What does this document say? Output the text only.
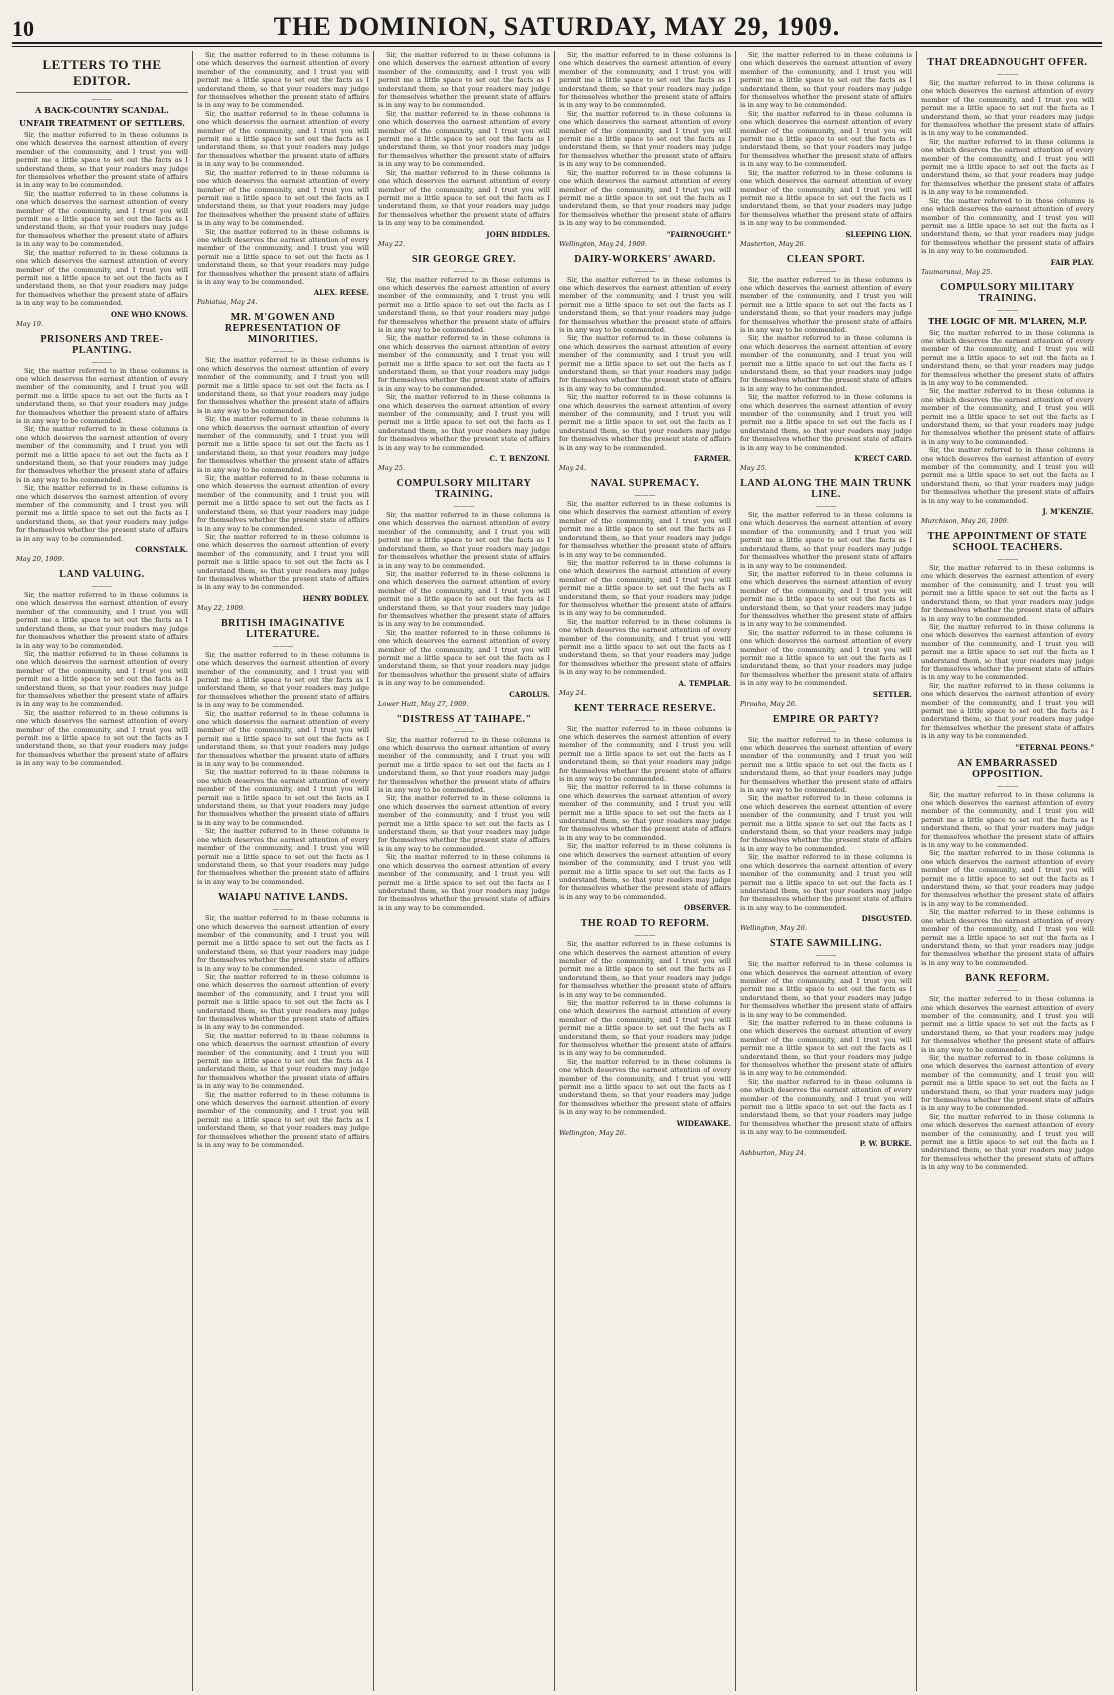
10	THE DOMINION, SATURDAY, MAY 29, 1909.
LETTERS TO THE EDITOR.
———
A BACK-COUNTRY SCANDAL.
UNFAIR TREATMENT OF SETTLERS.

Sir, the matter referred to in these columns is one which deserves the earnest attention of every member of the community, and I trust you will permit me a little space to set out the facts as I understand them, so that your readers may judge for themselves whether the present state of affairs is in any way to be commended.

Sir, the matter referred to in these columns is one which deserves the earnest attention of every member of the community, and I trust you will permit me a little space to set out the facts as I understand them, so that your readers may judge for themselves whether the present state of affairs is in any way to be commended.

Sir, the matter referred to in these columns is one which deserves the earnest attention of every member of the community, and I trust you will permit me a little space to set out the facts as I understand them, so that your readers may judge for themselves whether the present state of affairs is in any way to be commended.

ONE WHO KNOWS.
May 19.
PRISONERS AND TREE-PLANTING.
———

Sir, the matter referred to in these columns is one which deserves the earnest attention of every member of the community, and I trust you will permit me a little space to set out the facts as I understand them, so that your readers may judge for themselves whether the present state of affairs is in any way to be commended.

Sir, the matter referred to in these columns is one which deserves the earnest attention of every member of the community, and I trust you will permit me a little space to set out the facts as I understand them, so that your readers may judge for themselves whether the present state of affairs is in any way to be commended.

Sir, the matter referred to in these columns is one which deserves the earnest attention of every member of the community, and I trust you will permit me a little space to set out the facts as I understand them, so that your readers may judge for themselves whether the present state of affairs is in any way to be commended.

CORNSTALK.
May 20, 1909.
LAND VALUING.
———

Sir, the matter referred to in these columns is one which deserves the earnest attention of every member of the community, and I trust you will permit me a little space to set out the facts as I understand them, so that your readers may judge for themselves whether the present state of affairs is in any way to be commended.

Sir, the matter referred to in these columns is one which deserves the earnest attention of every member of the community, and I trust you will permit me a little space to set out the facts as I understand them, so that your readers may judge for themselves whether the present state of affairs is in any way to be commended.

Sir, the matter referred to in these columns is one which deserves the earnest attention of every member of the community, and I trust you will permit me a little space to set out the facts as I understand them, so that your readers may judge for themselves whether the present state of affairs is in any way to be commended.

Sir, the matter referred to in these columns is one which deserves the earnest attention of every member of the community, and I trust you will permit me a little space to set out the facts as I understand them, so that your readers may judge for themselves whether the present state of affairs is in any way to be commended.

Sir, the matter referred to in these columns is one which deserves the earnest attention of every member of the community, and I trust you will permit me a little space to set out the facts as I understand them, so that your readers may judge for themselves whether the present state of affairs is in any way to be commended.

Sir, the matter referred to in these columns is one which deserves the earnest attention of every member of the community, and I trust you will permit me a little space to set out the facts as I understand them, so that your readers may judge for themselves whether the present state of affairs is in any way to be commended.

Sir, the matter referred to in these columns is one which deserves the earnest attention of every member of the community, and I trust you will permit me a little space to set out the facts as I understand them, so that your readers may judge for themselves whether the present state of affairs is in any way to be commended.

ALEX. REESE.
Pahiatua, May 24.
MR. M'GOWEN AND REPRESENTATION OF MINORITIES.
———

Sir, the matter referred to in these columns is one which deserves the earnest attention of every member of the community, and I trust you will permit me a little space to set out the facts as I understand them, so that your readers may judge for themselves whether the present state of affairs is in any way to be commended.

Sir, the matter referred to in these columns is one which deserves the earnest attention of every member of the community, and I trust you will permit me a little space to set out the facts as I understand them, so that your readers may judge for themselves whether the present state of affairs is in any way to be commended.

Sir, the matter referred to in these columns is one which deserves the earnest attention of every member of the community, and I trust you will permit me a little space to set out the facts as I understand them, so that your readers may judge for themselves whether the present state of affairs is in any way to be commended.

Sir, the matter referred to in these columns is one which deserves the earnest attention of every member of the community, and I trust you will permit me a little space to set out the facts as I understand them, so that your readers may judge for themselves whether the present state of affairs is in any way to be commended.

HENRY BODLEY.
May 22, 1909.
BRITISH IMAGINATIVE LITERATURE.
———

Sir, the matter referred to in these columns is one which deserves the earnest attention of every member of the community, and I trust you will permit me a little space to set out the facts as I understand them, so that your readers may judge for themselves whether the present state of affairs is in any way to be commended.

Sir, the matter referred to in these columns is one which deserves the earnest attention of every member of the community, and I trust you will permit me a little space to set out the facts as I understand them, so that your readers may judge for themselves whether the present state of affairs is in any way to be commended.

Sir, the matter referred to in these columns is one which deserves the earnest attention of every member of the community, and I trust you will permit me a little space to set out the facts as I understand them, so that your readers may judge for themselves whether the present state of affairs is in any way to be commended.

Sir, the matter referred to in these columns is one which deserves the earnest attention of every member of the community, and I trust you will permit me a little space to set out the facts as I understand them, so that your readers may judge for themselves whether the present state of affairs is in any way to be commended.

WAIAPU NATIVE LANDS.
———

Sir, the matter referred to in these columns is one which deserves the earnest attention of every member of the community, and I trust you will permit me a little space to set out the facts as I understand them, so that your readers may judge for themselves whether the present state of affairs is in any way to be commended.

Sir, the matter referred to in these columns is one which deserves the earnest attention of every member of the community, and I trust you will permit me a little space to set out the facts as I understand them, so that your readers may judge for themselves whether the present state of affairs is in any way to be commended.

Sir, the matter referred to in these columns is one which deserves the earnest attention of every member of the community, and I trust you will permit me a little space to set out the facts as I understand them, so that your readers may judge for themselves whether the present state of affairs is in any way to be commended.

Sir, the matter referred to in these columns is one which deserves the earnest attention of every member of the community, and I trust you will permit me a little space to set out the facts as I understand them, so that your readers may judge for themselves whether the present state of affairs is in any way to be commended.

Sir, the matter referred to in these columns is one which deserves the earnest attention of every member of the community, and I trust you will permit me a little space to set out the facts as I understand them, so that your readers may judge for themselves whether the present state of affairs is in any way to be commended.

Sir, the matter referred to in these columns is one which deserves the earnest attention of every member of the community, and I trust you will permit me a little space to set out the facts as I understand them, so that your readers may judge for themselves whether the present state of affairs is in any way to be commended.

Sir, the matter referred to in these columns is one which deserves the earnest attention of every member of the community, and I trust you will permit me a little space to set out the facts as I understand them, so that your readers may judge for themselves whether the present state of affairs is in any way to be commended.

JOHN BIDDLES.
May 22.
SIR GEORGE GREY.
———

Sir, the matter referred to in these columns is one which deserves the earnest attention of every member of the community, and I trust you will permit me a little space to set out the facts as I understand them, so that your readers may judge for themselves whether the present state of affairs is in any way to be commended.

Sir, the matter referred to in these columns is one which deserves the earnest attention of every member of the community, and I trust you will permit me a little space to set out the facts as I understand them, so that your readers may judge for themselves whether the present state of affairs is in any way to be commended.

Sir, the matter referred to in these columns is one which deserves the earnest attention of every member of the community, and I trust you will permit me a little space to set out the facts as I understand them, so that your readers may judge for themselves whether the present state of affairs is in any way to be commended.

C. T. BENZONI.
May 25.
COMPULSORY MILITARY TRAINING.
———

Sir, the matter referred to in these columns is one which deserves the earnest attention of every member of the community, and I trust you will permit me a little space to set out the facts as I understand them, so that your readers may judge for themselves whether the present state of affairs is in any way to be commended.

Sir, the matter referred to in these columns is one which deserves the earnest attention of every member of the community, and I trust you will permit me a little space to set out the facts as I understand them, so that your readers may judge for themselves whether the present state of affairs is in any way to be commended.

Sir, the matter referred to in these columns is one which deserves the earnest attention of every member of the community, and I trust you will permit me a little space to set out the facts as I understand them, so that your readers may judge for themselves whether the present state of affairs is in any way to be commended.

CAROLUS.
Lower Hutt, May 27, 1909.
"DISTRESS AT TAIHAPE."
———

Sir, the matter referred to in these columns is one which deserves the earnest attention of every member of the community, and I trust you will permit me a little space to set out the facts as I understand them, so that your readers may judge for themselves whether the present state of affairs is in any way to be commended.

Sir, the matter referred to in these columns is one which deserves the earnest attention of every member of the community, and I trust you will permit me a little space to set out the facts as I understand them, so that your readers may judge for themselves whether the present state of affairs is in any way to be commended.

Sir, the matter referred to in these columns is one which deserves the earnest attention of every member of the community, and I trust you will permit me a little space to set out the facts as I understand them, so that your readers may judge for themselves whether the present state of affairs is in any way to be commended.

Sir, the matter referred to in these columns is one which deserves the earnest attention of every member of the community, and I trust you will permit me a little space to set out the facts as I understand them, so that your readers may judge for themselves whether the present state of affairs is in any way to be commended.

Sir, the matter referred to in these columns is one which deserves the earnest attention of every member of the community, and I trust you will permit me a little space to set out the facts as I understand them, so that your readers may judge for themselves whether the present state of affairs is in any way to be commended.

Sir, the matter referred to in these columns is one which deserves the earnest attention of every member of the community, and I trust you will permit me a little space to set out the facts as I understand them, so that your readers may judge for themselves whether the present state of affairs is in any way to be commended.

"FAIRNOUGHT."
Wellington, May 24, 1909.
DAIRY-WORKERS' AWARD.
———

Sir, the matter referred to in these columns is one which deserves the earnest attention of every member of the community, and I trust you will permit me a little space to set out the facts as I understand them, so that your readers may judge for themselves whether the present state of affairs is in any way to be commended.

Sir, the matter referred to in these columns is one which deserves the earnest attention of every member of the community, and I trust you will permit me a little space to set out the facts as I understand them, so that your readers may judge for themselves whether the present state of affairs is in any way to be commended.

Sir, the matter referred to in these columns is one which deserves the earnest attention of every member of the community, and I trust you will permit me a little space to set out the facts as I understand them, so that your readers may judge for themselves whether the present state of affairs is in any way to be commended.

FARMER.
May 24.
NAVAL SUPREMACY.
———

Sir, the matter referred to in these columns is one which deserves the earnest attention of every member of the community, and I trust you will permit me a little space to set out the facts as I understand them, so that your readers may judge for themselves whether the present state of affairs is in any way to be commended.

Sir, the matter referred to in these columns is one which deserves the earnest attention of every member of the community, and I trust you will permit me a little space to set out the facts as I understand them, so that your readers may judge for themselves whether the present state of affairs is in any way to be commended.

Sir, the matter referred to in these columns is one which deserves the earnest attention of every member of the community, and I trust you will permit me a little space to set out the facts as I understand them, so that your readers may judge for themselves whether the present state of affairs is in any way to be commended.

A. TEMPLAR.
May 24.
KENT TERRACE RESERVE.
———

Sir, the matter referred to in these columns is one which deserves the earnest attention of every member of the community, and I trust you will permit me a little space to set out the facts as I understand them, so that your readers may judge for themselves whether the present state of affairs is in any way to be commended.

Sir, the matter referred to in these columns is one which deserves the earnest attention of every member of the community, and I trust you will permit me a little space to set out the facts as I understand them, so that your readers may judge for themselves whether the present state of affairs is in any way to be commended.

Sir, the matter referred to in these columns is one which deserves the earnest attention of every member of the community, and I trust you will permit me a little space to set out the facts as I understand them, so that your readers may judge for themselves whether the present state of affairs is in any way to be commended.

OBSERVER.
THE ROAD TO REFORM.
———

Sir, the matter referred to in these columns is one which deserves the earnest attention of every member of the community, and I trust you will permit me a little space to set out the facts as I understand them, so that your readers may judge for themselves whether the present state of affairs is in any way to be commended.

Sir, the matter referred to in these columns is one which deserves the earnest attention of every member of the community, and I trust you will permit me a little space to set out the facts as I understand them, so that your readers may judge for themselves whether the present state of affairs is in any way to be commended.

Sir, the matter referred to in these columns is one which deserves the earnest attention of every member of the community, and I trust you will permit me a little space to set out the facts as I understand them, so that your readers may judge for themselves whether the present state of affairs is in any way to be commended.

WIDEAWAKE.
Wellington, May 26.

Sir, the matter referred to in these columns is one which deserves the earnest attention of every member of the community, and I trust you will permit me a little space to set out the facts as I understand them, so that your readers may judge for themselves whether the present state of affairs is in any way to be commended.

Sir, the matter referred to in these columns is one which deserves the earnest attention of every member of the community, and I trust you will permit me a little space to set out the facts as I understand them, so that your readers may judge for themselves whether the present state of affairs is in any way to be commended.

Sir, the matter referred to in these columns is one which deserves the earnest attention of every member of the community, and I trust you will permit me a little space to set out the facts as I understand them, so that your readers may judge for themselves whether the present state of affairs is in any way to be commended.

SLEEPING LION.
Masterton, May 26.
CLEAN SPORT.
———

Sir, the matter referred to in these columns is one which deserves the earnest attention of every member of the community, and I trust you will permit me a little space to set out the facts as I understand them, so that your readers may judge for themselves whether the present state of affairs is in any way to be commended.

Sir, the matter referred to in these columns is one which deserves the earnest attention of every member of the community, and I trust you will permit me a little space to set out the facts as I understand them, so that your readers may judge for themselves whether the present state of affairs is in any way to be commended.

Sir, the matter referred to in these columns is one which deserves the earnest attention of every member of the community, and I trust you will permit me a little space to set out the facts as I understand them, so that your readers may judge for themselves whether the present state of affairs is in any way to be commended.

K'RECT CARD.
May 25.
LAND ALONG THE MAIN TRUNK LINE.
———

Sir, the matter referred to in these columns is one which deserves the earnest attention of every member of the community, and I trust you will permit me a little space to set out the facts as I understand them, so that your readers may judge for themselves whether the present state of affairs is in any way to be commended.

Sir, the matter referred to in these columns is one which deserves the earnest attention of every member of the community, and I trust you will permit me a little space to set out the facts as I understand them, so that your readers may judge for themselves whether the present state of affairs is in any way to be commended.

Sir, the matter referred to in these columns is one which deserves the earnest attention of every member of the community, and I trust you will permit me a little space to set out the facts as I understand them, so that your readers may judge for themselves whether the present state of affairs is in any way to be commended.

SETTLER.
Piroaho, May 26.
EMPIRE OR PARTY?
———

Sir, the matter referred to in these columns is one which deserves the earnest attention of every member of the community, and I trust you will permit me a little space to set out the facts as I understand them, so that your readers may judge for themselves whether the present state of affairs is in any way to be commended.

Sir, the matter referred to in these columns is one which deserves the earnest attention of every member of the community, and I trust you will permit me a little space to set out the facts as I understand them, so that your readers may judge for themselves whether the present state of affairs is in any way to be commended.

Sir, the matter referred to in these columns is one which deserves the earnest attention of every member of the community, and I trust you will permit me a little space to set out the facts as I understand them, so that your readers may judge for themselves whether the present state of affairs is in any way to be commended.

DISGUSTED.
Wellington, May 26.
STATE SAWMILLING.
———

Sir, the matter referred to in these columns is one which deserves the earnest attention of every member of the community, and I trust you will permit me a little space to set out the facts as I understand them, so that your readers may judge for themselves whether the present state of affairs is in any way to be commended.

Sir, the matter referred to in these columns is one which deserves the earnest attention of every member of the community, and I trust you will permit me a little space to set out the facts as I understand them, so that your readers may judge for themselves whether the present state of affairs is in any way to be commended.

Sir, the matter referred to in these columns is one which deserves the earnest attention of every member of the community, and I trust you will permit me a little space to set out the facts as I understand them, so that your readers may judge for themselves whether the present state of affairs is in any way to be commended.

P. W. BURKE.
Ashburton, May 24.
THAT DREADNOUGHT OFFER.
———

Sir, the matter referred to in these columns is one which deserves the earnest attention of every member of the community, and I trust you will permit me a little space to set out the facts as I understand them, so that your readers may judge for themselves whether the present state of affairs is in any way to be commended.

Sir, the matter referred to in these columns is one which deserves the earnest attention of every member of the community, and I trust you will permit me a little space to set out the facts as I understand them, so that your readers may judge for themselves whether the present state of affairs is in any way to be commended.

Sir, the matter referred to in these columns is one which deserves the earnest attention of every member of the community, and I trust you will permit me a little space to set out the facts as I understand them, so that your readers may judge for themselves whether the present state of affairs is in any way to be commended.

FAIR PLAY.
Taumarunui, May 25.
COMPULSORY MILITARY TRAINING.
———
THE LOGIC OF MR. M'LAREN, M.P.

Sir, the matter referred to in these columns is one which deserves the earnest attention of every member of the community, and I trust you will permit me a little space to set out the facts as I understand them, so that your readers may judge for themselves whether the present state of affairs is in any way to be commended.

Sir, the matter referred to in these columns is one which deserves the earnest attention of every member of the community, and I trust you will permit me a little space to set out the facts as I understand them, so that your readers may judge for themselves whether the present state of affairs is in any way to be commended.

Sir, the matter referred to in these columns is one which deserves the earnest attention of every member of the community, and I trust you will permit me a little space to set out the facts as I understand them, so that your readers may judge for themselves whether the present state of affairs is in any way to be commended.

J. M'KENZIE.
Murchison, May 26, 1909.
THE APPOINTMENT OF STATE SCHOOL TEACHERS.
———

Sir, the matter referred to in these columns is one which deserves the earnest attention of every member of the community, and I trust you will permit me a little space to set out the facts as I understand them, so that your readers may judge for themselves whether the present state of affairs is in any way to be commended.

Sir, the matter referred to in these columns is one which deserves the earnest attention of every member of the community, and I trust you will permit me a little space to set out the facts as I understand them, so that your readers may judge for themselves whether the present state of affairs is in any way to be commended.

Sir, the matter referred to in these columns is one which deserves the earnest attention of every member of the community, and I trust you will permit me a little space to set out the facts as I understand them, so that your readers may judge for themselves whether the present state of affairs is in any way to be commended.

"ETERNAL PEONS."
AN EMBARRASSED OPPOSITION.
———

Sir, the matter referred to in these columns is one which deserves the earnest attention of every member of the community, and I trust you will permit me a little space to set out the facts as I understand them, so that your readers may judge for themselves whether the present state of affairs is in any way to be commended.

Sir, the matter referred to in these columns is one which deserves the earnest attention of every member of the community, and I trust you will permit me a little space to set out the facts as I understand them, so that your readers may judge for themselves whether the present state of affairs is in any way to be commended.

Sir, the matter referred to in these columns is one which deserves the earnest attention of every member of the community, and I trust you will permit me a little space to set out the facts as I understand them, so that your readers may judge for themselves whether the present state of affairs is in any way to be commended.

BANK REFORM.
———

Sir, the matter referred to in these columns is one which deserves the earnest attention of every member of the community, and I trust you will permit me a little space to set out the facts as I understand them, so that your readers may judge for themselves whether the present state of affairs is in any way to be commended.

Sir, the matter referred to in these columns is one which deserves the earnest attention of every member of the community, and I trust you will permit me a little space to set out the facts as I understand them, so that your readers may judge for themselves whether the present state of affairs is in any way to be commended.

Sir, the matter referred to in these columns is one which deserves the earnest attention of every member of the community, and I trust you will permit me a little space to set out the facts as I understand them, so that your readers may judge for themselves whether the present state of affairs is in any way to be commended.
